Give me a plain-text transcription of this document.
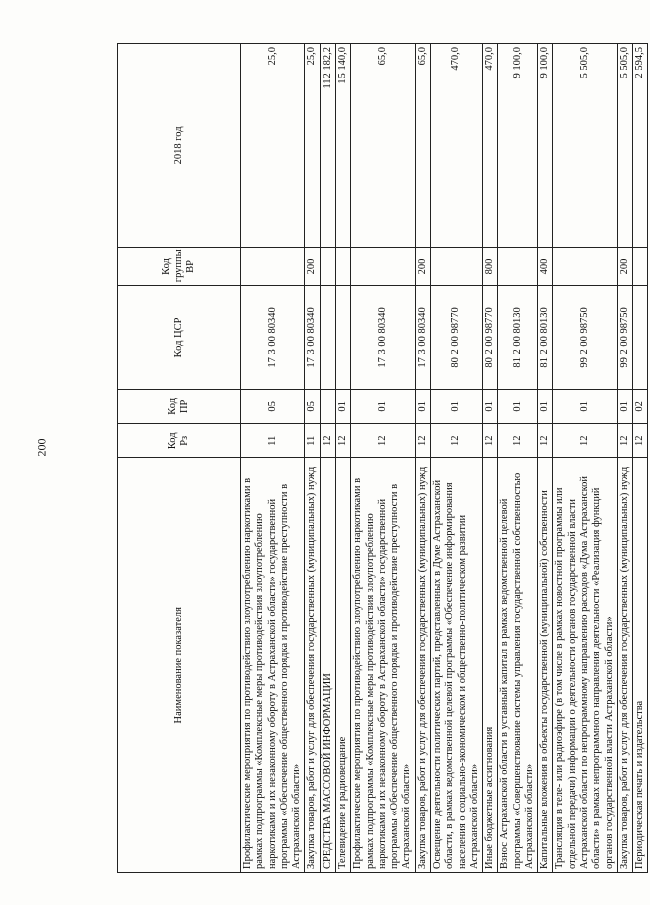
200
Наименование показателя	Код Рз	Код ПР	Код ЦСР	Код группы ВР	2018 год
Профилактические мероприятия по противодействию злоупотреблению наркотиками в рамках подпрограммы «Комплексные меры противодействия злоупотреблению наркотиками и их незаконному обороту в Астраханской области» государственной программы «Обеспечение общественного порядка и противодействие преступности в Астраханской области»	11	05	17 3 00 80340		25,0
Закупка товаров, работ и услуг для обеспечения государственных (муниципальных) нужд	11	05	17 3 00 80340	200	25,0
СРЕДСТВА МАССОВОЙ ИНФОРМАЦИИ	12				112 182,2
Телевидение и радиовещание	12	01			15 140,0
Профилактические мероприятия по противодействию злоупотреблению наркотиками в рамках подпрограммы «Комплексные меры противодействия злоупотреблению наркотиками и их незаконному обороту в Астраханской области» государственной программы «Обеспечение общественного порядка и противодействие преступности в Астраханской области»	12	01	17 3 00 80340		65,0
Закупка товаров, работ и услуг для обеспечения государственных (муниципальных) нужд	12	01	17 3 00 80340	200	65,0
Освещение деятельности политических партий, представленных в Думе Астраханской области, в рамках ведомственной целевой программы «Обеспечение информирования населения о социально-экономическом и общественно-политическом развитии Астраханской области»	12	01	80 2 00 98770		470,0
Иные бюджетные ассигнования	12	01	80 2 00 98770	800	470,0
Взнос Астраханской области в уставный капитал в рамках ведомственной целевой программы «Совершенствование системы управления государственной собственностью Астраханской области»	12	01	81 2 00 80130		9 100,0
Капитальные вложения в объекты государственной (муниципальной) собственности	12	01	81 2 00 80130	400	9 100,0
Трансляция в теле- или радиоэфире (в том числе в рамках новостной программы или отдельной передачи) информации о деятельности органов государственной власти Астраханской области по непрограммному направлению расходов «Дума Астраханской области» в рамках непрограммного направления деятельности «Реализация функций органов государственной власти Астраханской области»	12	01	99 2 00 98750		5 505,0
Закупка товаров, работ и услуг для обеспечения государственных (муниципальных) нужд	12	01	99 2 00 98750	200	5 505,0
Периодическая печать и издательства	12	02			2 594,5
